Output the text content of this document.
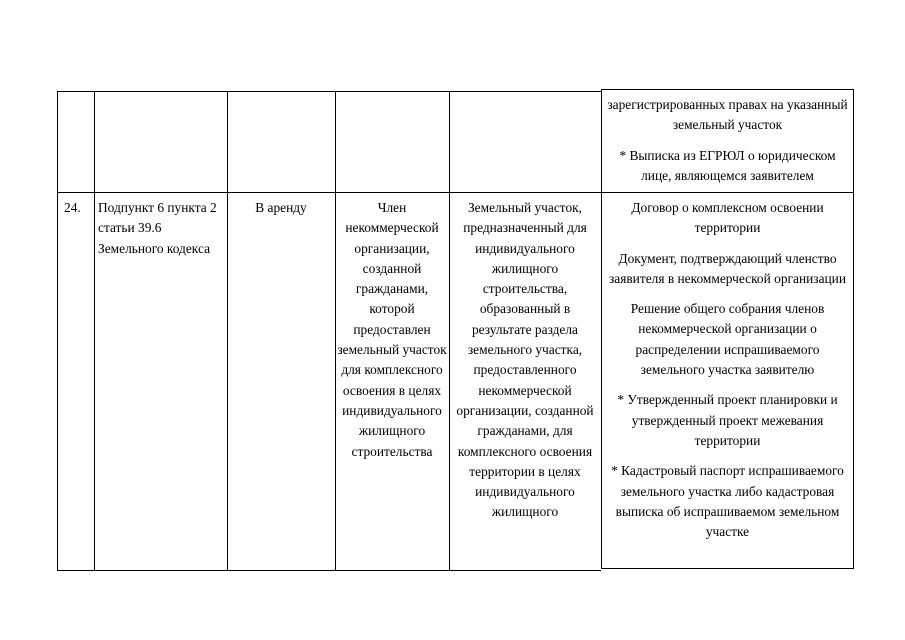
зарегистрированных правах на указанный земельный участок

* Выписка из ЕГРЮЛ о юридическом лице, являющемся заявителем

24.	Подпункт 6 пункта 2 статьи 39.6 Земельного кодекса
В аренду	Член некоммерческой организации, созданной гражданами, которой предоставлен земельный участок для комплексного освоения в целях индивидуального жилищного строительства
Земельный участок, предназначенный для индивидуального жилищного строительства, образованный в результате раздела земельного участка, предоставленного некоммерческой организации, созданной гражданами, для комплексного освоения территории в целях индивидуального жилищного

Договор о комплексном освоении территории

Документ, подтверждающий членство заявителя в некоммерческой организации

Решение общего собрания членов некоммерческой организации о распределении испрашиваемого земельного участка заявителю

* Утвержденный проект планировки и утвержденный проект межевания территории

* Кадастровый паспорт испрашиваемого земельного участка либо кадастровая выписка об испрашиваемом земельном участке
